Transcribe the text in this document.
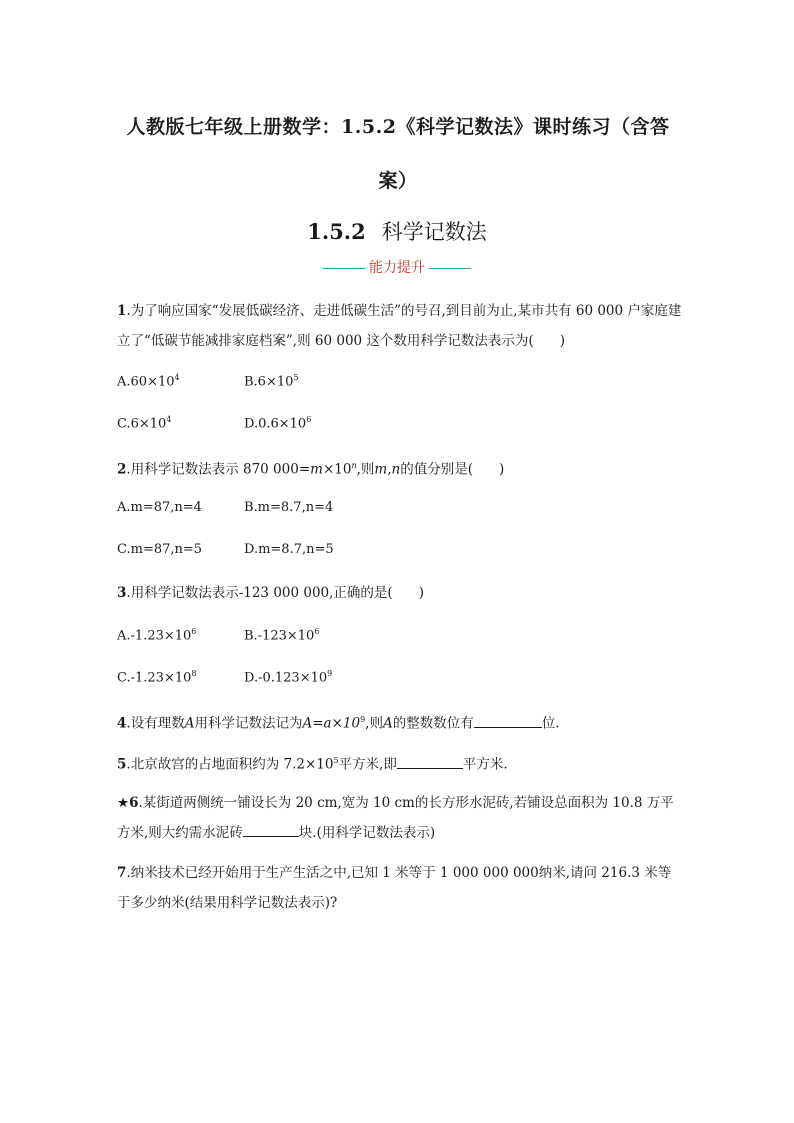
人教版七年级上册数学：1.5.2《科学记数法》课时练习（含答案）
1.5.2 科学记数法
能力提升
1.为了响应国家“发展低碳经济、走进低碳生活”的号召,到目前为止,某市共有 60 000 户家庭建立了“低碳节能减排家庭档案”,则 60 000 这个数用科学记数法表示为( )
$A.60\times 10^4$	$B.6\times 10^5$
$C.6\times 10^4$	$D.0.6\times 10^6$
2.用科学记数法表示 870 $000=m\times 10^n$,则m,n的值分别是( )
A.m=87,n=4	B.m=8.7,n=4
C.m=87,n=5	D.m=8.7,n=5
3.用科学记数法表示-123 000 000,正确的是( )
$A.-1.23\times 10^6$	$B.-123\times 10^6$
$C.-1.23\times 10^8$	$D.-0.123\times 10^9$
4.设有理数A用科学记数法记为$A=a\times 10^9$,则A的整数数位有	位.
5.北京故宫的占地面积约为 $7.2\times 10^5$平方米,即	平方米.
★6.某街道两侧统一铺设长为 20 cm,宽为 10 cm的长方形水泥砖,若铺设总面积为 10.8 万平方米,则大约需水泥砖	块.(用科学记数法表示)
7.纳米技术已经开始用于生产生活之中,已知 1 米等于 1 000 000 000纳米,请问 216.3 米等于多少纳米(结果用科学记数法表示)?
